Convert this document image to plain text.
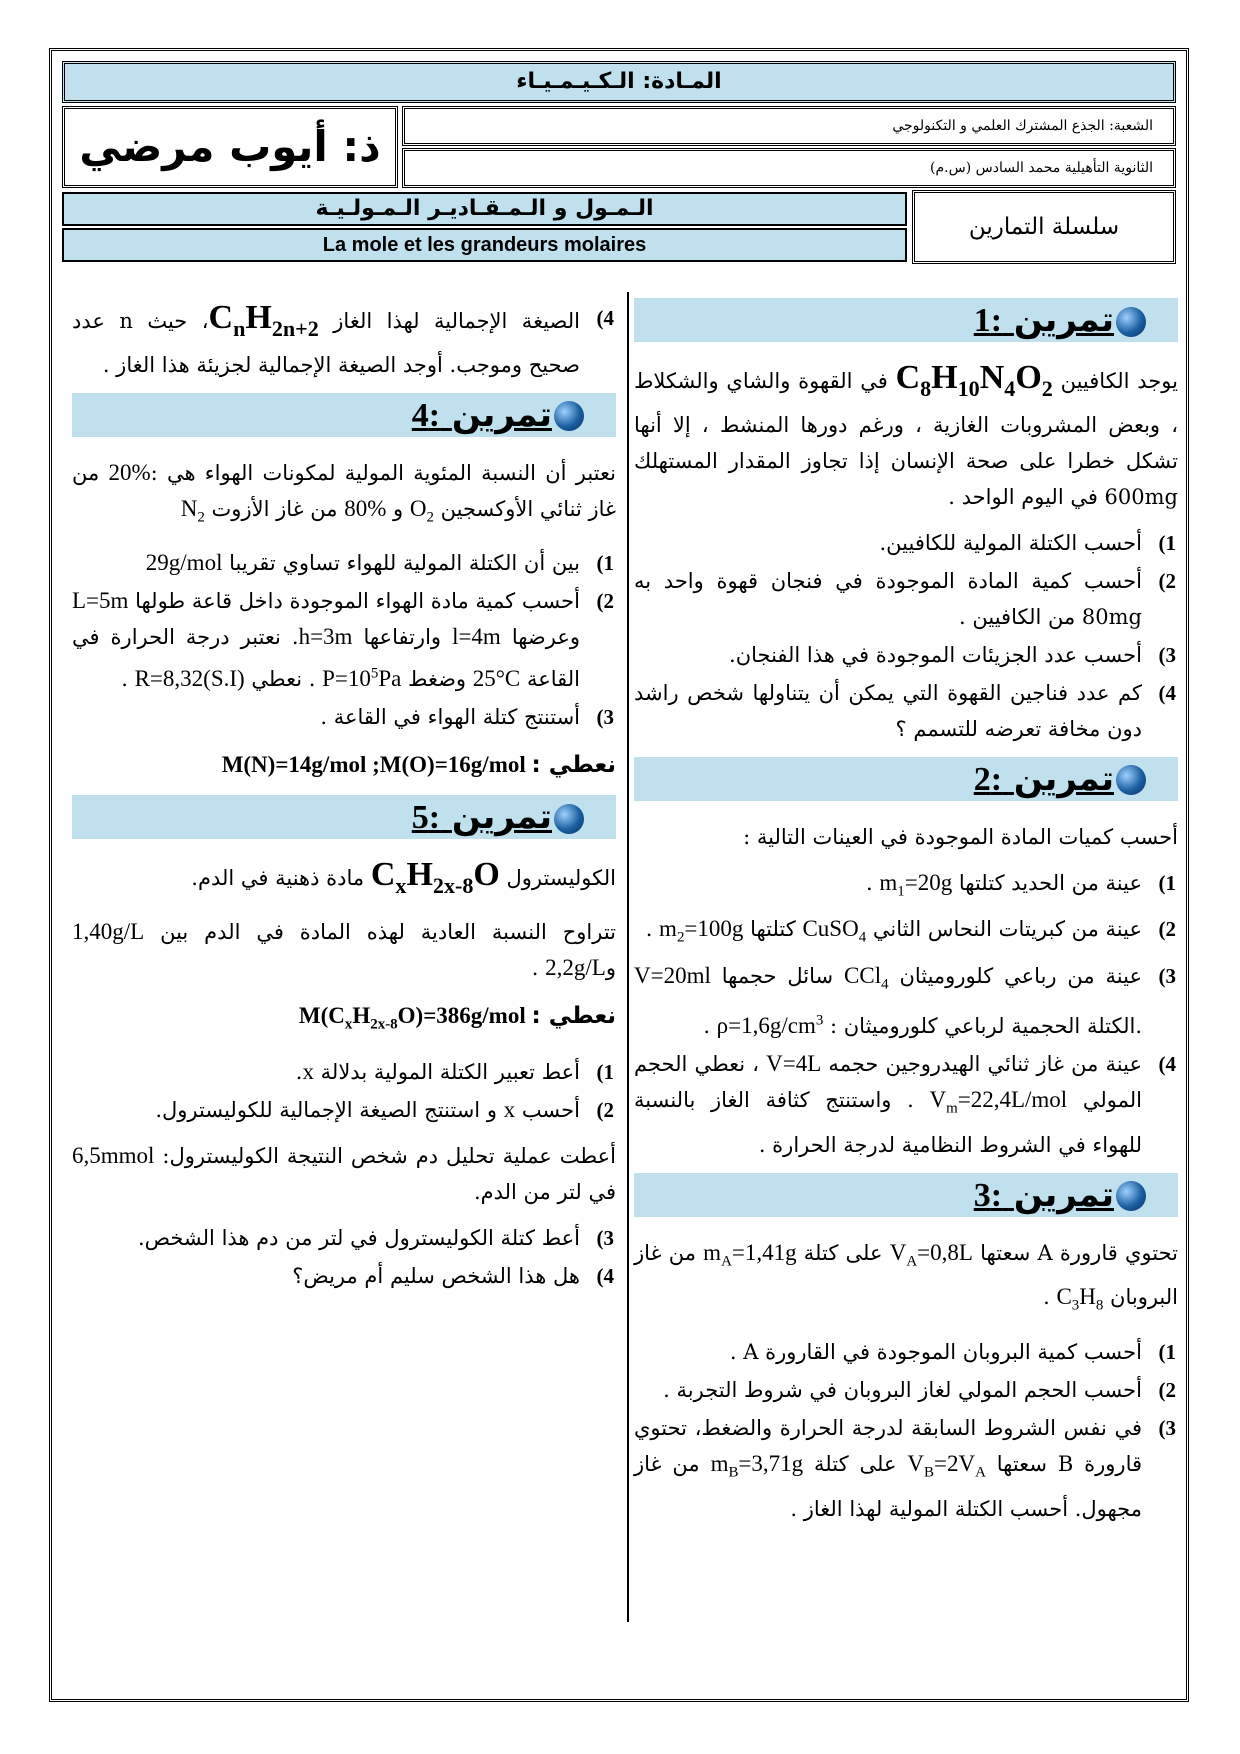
المـادة: الـكـيـمـيـاء
ذ: أيوب مرضي	الشعبة: الجذع المشترك العلمي و التكنولوجي
الثانوية التأهيلية محمد السادس (س.م)
الـمـول و الـمـقـاديـر الـمـولـيـة
La mole et les grandeurs molaires
سلسلة التمارين
تمرين :1

يوجد الكافيين $C_8H_{10}N_4O_2$ في القهوة والشاي والشكلاط ، وبعض المشروبات الغازية ، ورغم دورها المنشط ، إلا أنها تشكل خطرا على صحة الإنسان إذا تجاوز المقدار المستهلك 600mg في اليوم الواحد .

1)
أحسب الكتلة المولية للكافيين.
2)
أحسب كمية المادة الموجودة في فنجان قهوة واحد به 80mg من الكافيين .
3)
أحسب عدد الجزيئات الموجودة في هذا الفنجان.
4)
كم عدد فناجين القهوة التي يمكن أن يتناولها شخص راشد دون مخافة تعرضه للتسمم ؟
تمرين :2

أحسب كميات المادة الموجودة في العينات التالية :

1)
عينة من الحديد كتلتها $m_1=20g$ .
2)
عينة من كبريتات النحاس الثاني CuSO$_4$ كتلتها $m_2=100g$ .
3)
عينة من رباعي كلوروميثان CCl$_4$ سائل حجمها V=20ml .الكتلة الحجمية لرباعي كلوروميثان : $\rho=1,6g/cm^3$ .
4)
عينة من غاز ثنائي الهيدروجين حجمه V=4L ، نعطي الحجم المولي $V_m=22,4L$/mol . واستنتج كثافة الغاز بالنسبة للهواء في الشروط النظامية لدرجة الحرارة .
تمرين :3

تحتوي قارورة A سعتها $V_A=0,8L$ على كتلة $m_A=1,41g$ من غاز البروبان $C_3H_8$ .

1)
أحسب كمية البروبان الموجودة في القارورة A .
2)
أحسب الحجم المولي لغاز البروبان في شروط التجربة .
3)
في نفس الشروط السابقة لدرجة الحرارة والضغط، تحتوي قارورة B سعتها $V_B=2V_A$ على كتلة $m_B=3,71g$ من غاز مجهول. أحسب الكتلة المولية لهذا الغاز .
4)
الصيغة الإجمالية لهذا الغاز $C_nH_{2n+2}،$ حيث n عدد صحيح وموجب. أوجد الصيغة الإجمالية لجزيئة هذا الغاز .
تمرين :4

نعتبر أن النسبة المئوية المولية لمكونات الهواء هي :20% من غاز ثنائي الأوكسجين $O_2$ و 80% من غاز الأزوت $N_2$

1)
بين أن الكتلة المولية للهواء تساوي تقريبا 29g/mol
2)
أحسب كمية مادة الهواء الموجودة داخل قاعة طولها L=5m وعرضها l=4m وارتفاعها h=3m. نعتبر درجة الحرارة في القاعة 25°C وضغط $P=10^5Pa$ . نعطي R=8,32(S.I) .
3)
أستنتج كتلة الهواء في القاعة .
نعطي : M(N)=14g/mol ;M(O)=16g/mol
تمرين :5

الكوليسترول $C_xH_{2x-8}O$ مادة ذهنية في الدم.

تتراوح النسبة العادية لهذه المادة في الدم بين 1,40g/L و2,2g/L .

نعطي : $M(C_xH_{2x-8}O)=386g$/mol
1)
أعط تعبير الكتلة المولية بدلالة x.
2)
أحسب x و استنتج الصيغة الإجمالية للكوليسترول.

أعطت عملية تحليل دم شخص النتيجة الكوليسترول: 6,5mmol في لتر من الدم.

3)
أعط كتلة الكوليسترول في لتر من دم هذا الشخص.
4)
هل هذا الشخص سليم أم مريض؟
